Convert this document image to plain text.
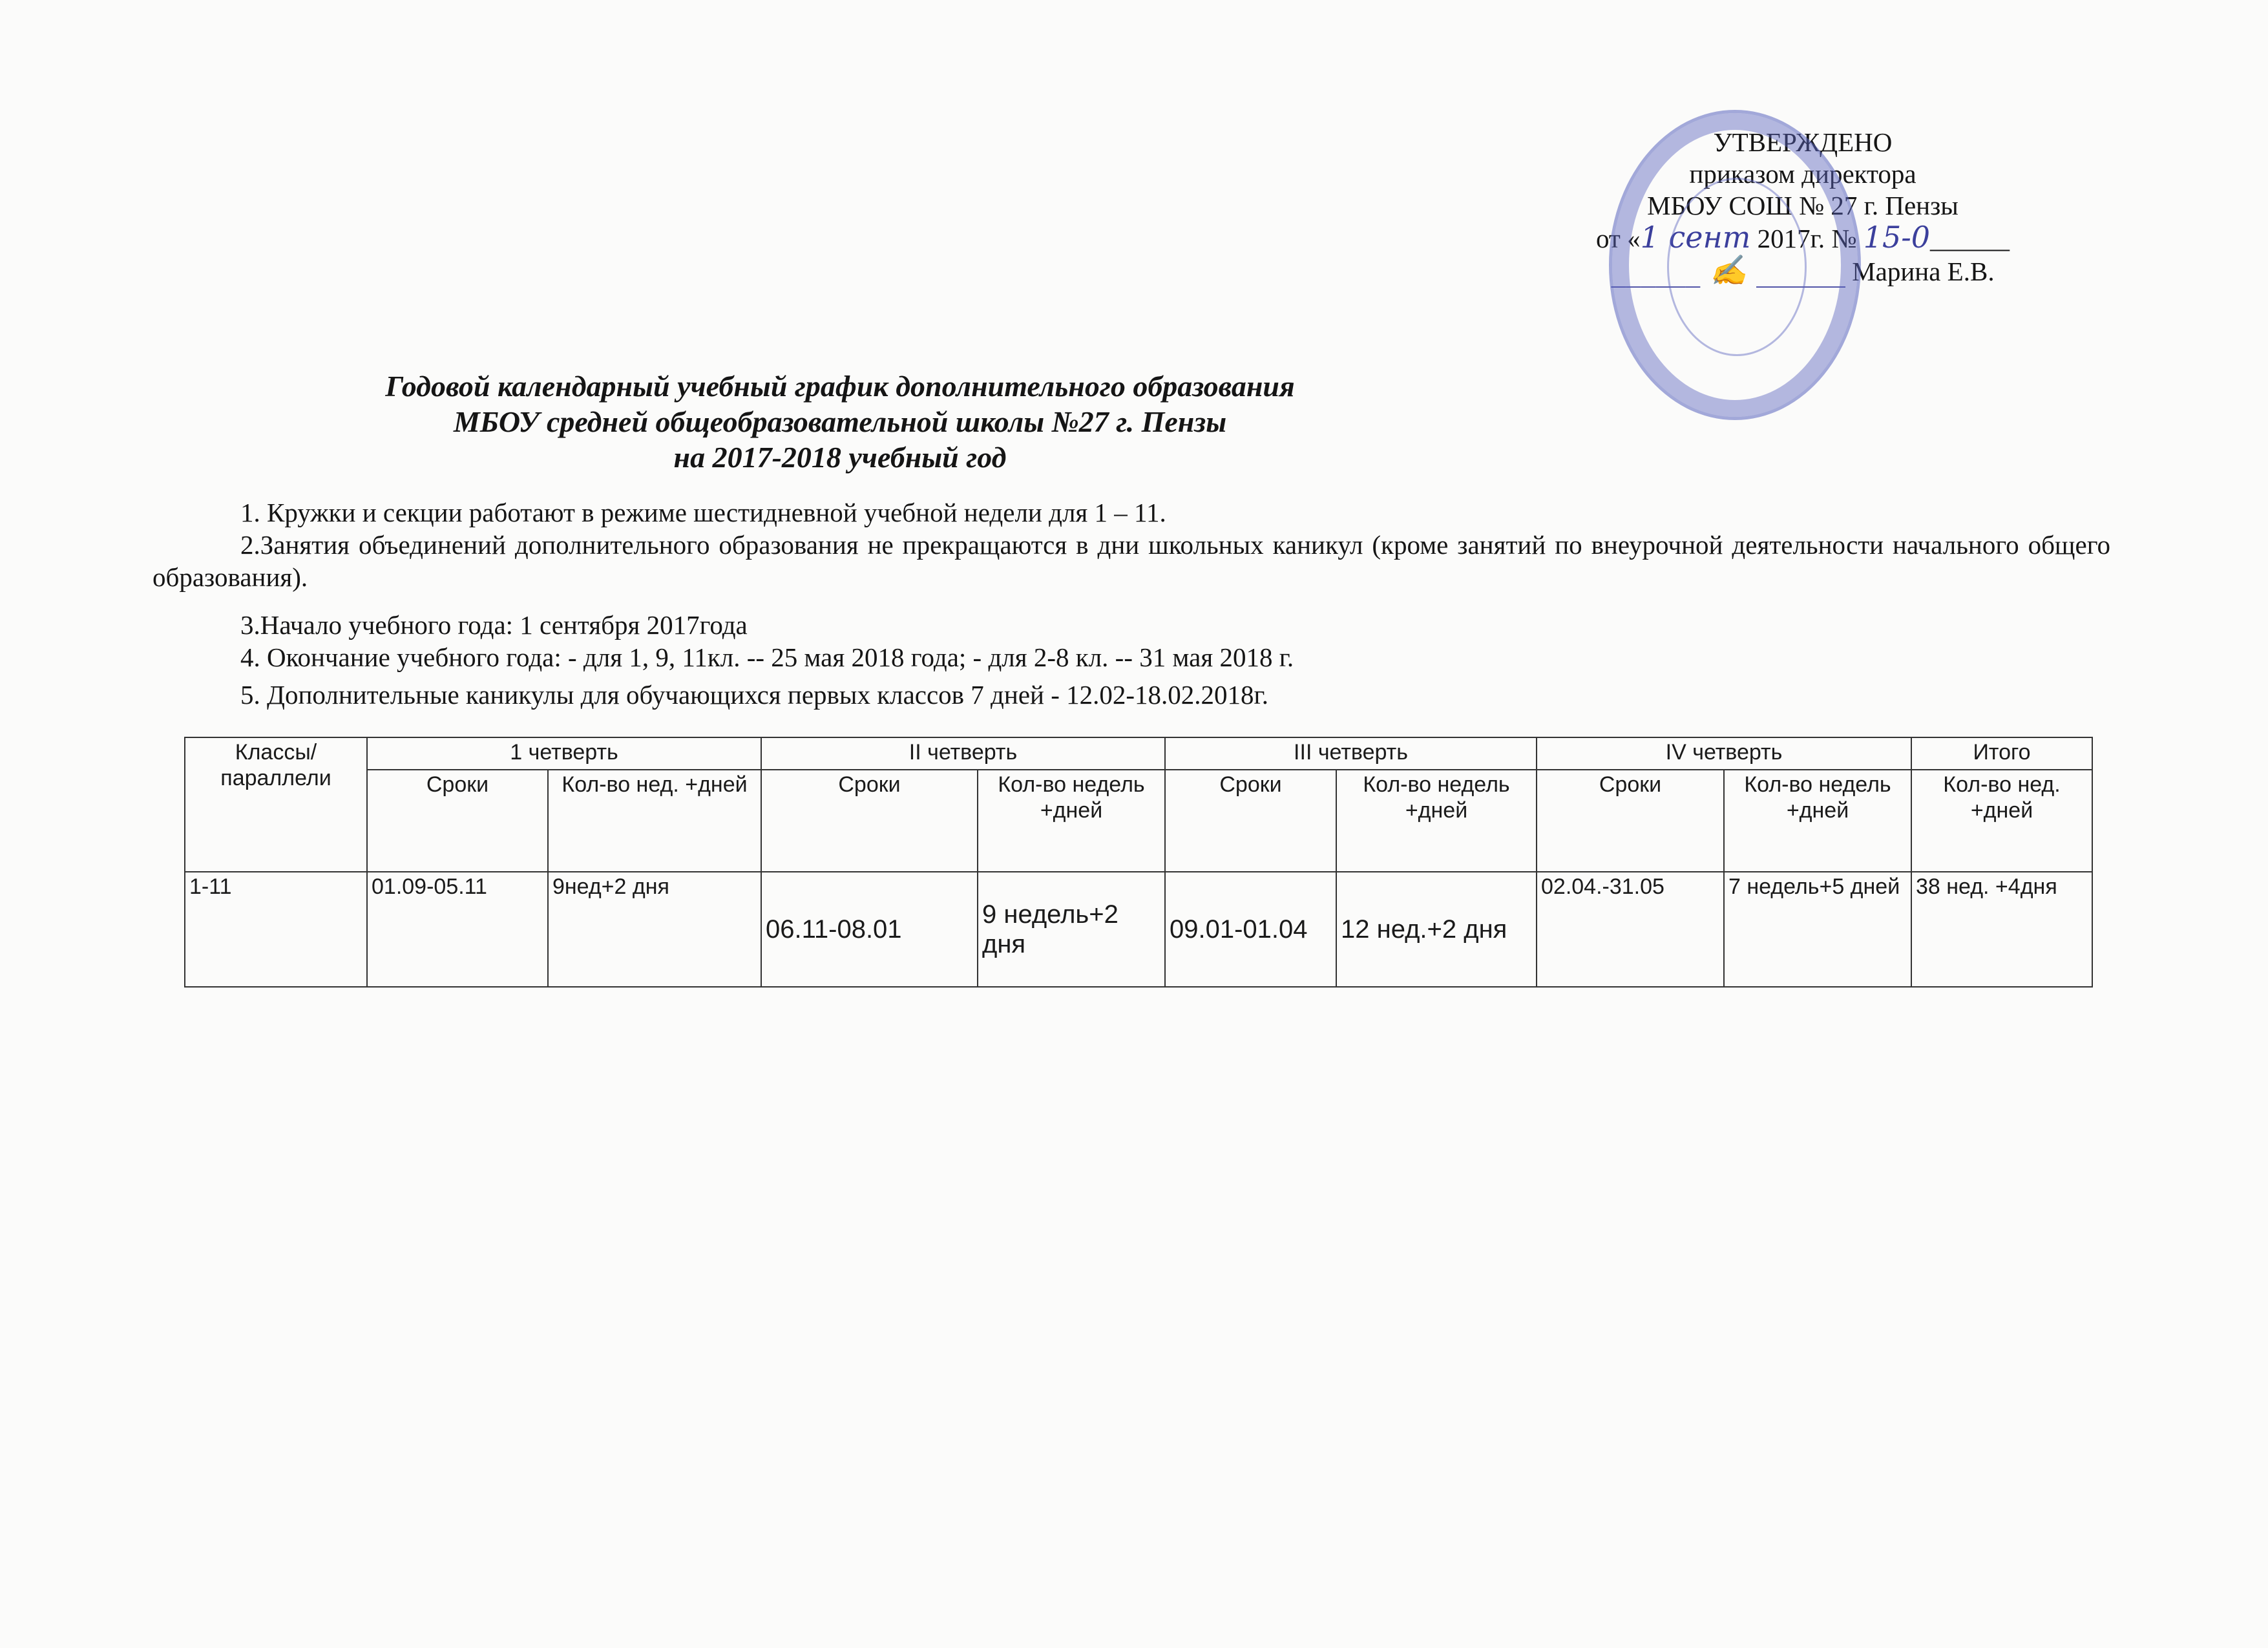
УТВЕРЖДЕНО
приказом директора
МБОУ СОШ № 27 г. Пензы
от «1 сент 2017г. № 15-0______
______ ✍ ______ Марина Е.В.
Годовой календарный учебный график дополнительного образования
МБОУ средней общеобразовательной школы №27 г. Пензы
на 2017-2018 учебный год
1. Кружки и секции работают в режиме шестидневной учебной недели для 1 – 11.
2.Занятия объединений дополнительного образования не прекращаются в дни школьных каникул (кроме занятий по внеурочной деятельности начального общего образования).
3.Начало учебного года: 1 сентября 2017года
4. Окончание учебного года: - для 1, 9, 11кл. -- 25 мая 2018 года; - для 2-8 кл. -- 31 мая 2018 г.
5. Дополнительные каникулы для обучающихся первых классов 7 дней - 12.02-18.02.2018г.
Классы/ параллели	1 четверть		II четверть		III четверть		IV четверть		Итого
	Сроки	Кол-во нед. +дней	Сроки	Кол-во недель +дней	Сроки	Кол-во недель +дней	Сроки	Кол-во недель +дней	Кол-во нед. +дней
1-11	01.09-05.11	9нед+2 дня	06.11-08.01	9 недель+2 дня	09.01-01.04	12 нед.+2 дня	02.04.-31.05	7 недель+5 дней	38 нед. +4дня
